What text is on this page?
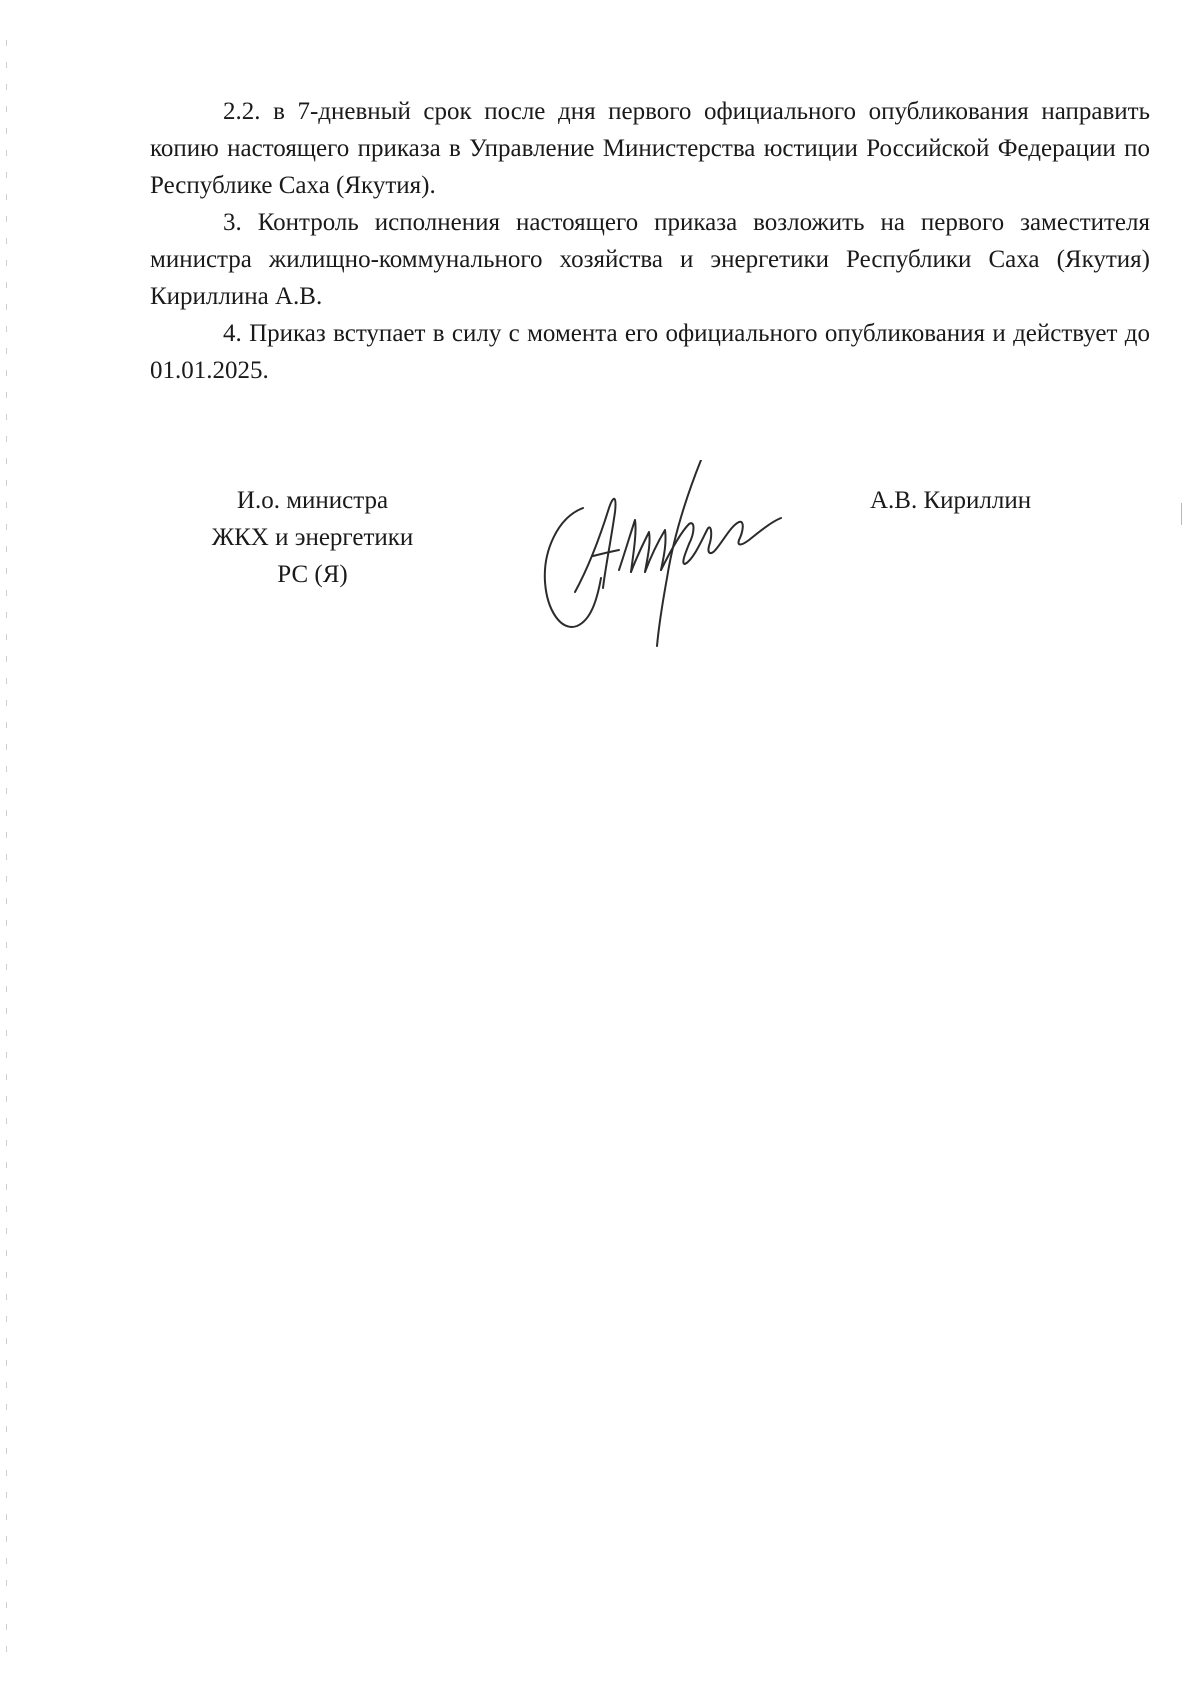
2.2. в 7-дневный срок после дня первого официального опубликования направить копию настоящего приказа в Управление Министерства юстиции Российской Федерации по Республике Саха (Якутия).

3. Контроль исполнения настоящего приказа возложить на первого заместителя министра жилищно-коммунального хозяйства и энергетики Республики Саха (Якутия) Кириллина А.В.

4. Приказ вступает в силу с момента его официального опубликования и действует до 01.01.2025.

И.о. министра
ЖКХ и энергетики
РС (Я)
А.В. Кириллин
